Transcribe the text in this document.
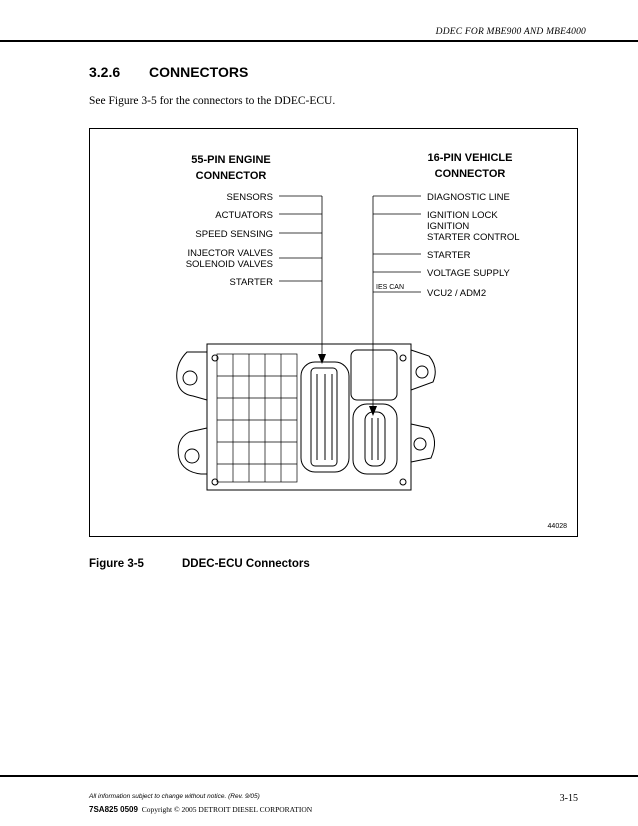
DDEC FOR MBE900 AND MBE4000
3.2.6 CONNECTORS
See Figure 3-5 for the connectors to the DDEC-ECU.
55-PIN ENGINE
CONNECTOR
16-PIN VEHICLE
CONNECTOR
SENSORS
ACTUATORS
SPEED SENSING
INJECTOR VALVES
SOLENOID VALVES
STARTER
DIAGNOSTIC LINE
IGNITION LOCK
IGNITION
STARTER CONTROL
STARTER
VOLTAGE SUPPLY
VCU2 / ADM2
IES CAN
44028
Figure 3-5	DDEC-ECU Connectors
All information subject to change without notice. (Rev. 9/05)
7SA825 0509 Copyright © 2005 DETROIT DIESEL CORPORATION
3-15
